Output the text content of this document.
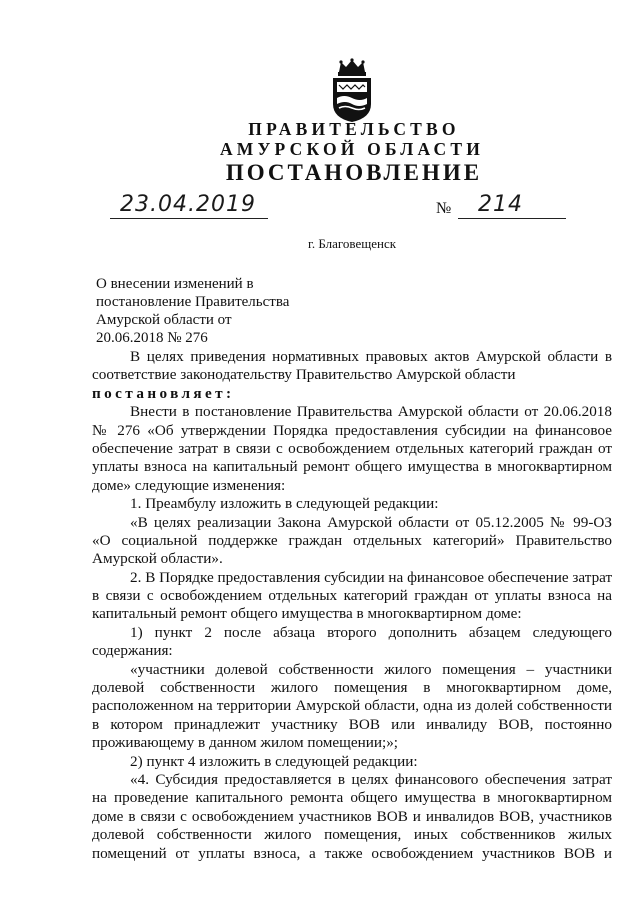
ПРАВИТЕЛЬСТВО
АМУРСКОЙ ОБЛАСТИ
ПОСТАНОВЛЕНИЕ
23.04.2019	№ 214
г. Благовещенск
О внесении изменений в
постановление Правительства
Амурской области от
20.06.2018 № 276
В целях приведения нормативных правовых актов Амурской области в
соответствие законодательству Правительство Амурской области
постановляет:
Внести в постановление Правительства Амурской области от 20.06.2018
№ 276 «Об утверждении Порядка предоставления субсидии на финансовое
обеспечение затрат в связи с освобождением отдельных категорий граждан от
уплаты взноса на капитальный ремонт общего имущества в многоквартирном
доме» следующие изменения:
1. Преамбулу изложить в следующей редакции:
«В целях реализации Закона Амурской области от 05.12.2005 № 99-ОЗ
«О социальной поддержке граждан отдельных категорий» Правительство
Амурской области».
2. В Порядке предоставления субсидии на финансовое обеспечение затрат
в связи с освобождением отдельных категорий граждан от уплаты взноса на
капитальный ремонт общего имущества в многоквартирном доме:
1) пункт 2 после абзаца второго дополнить абзацем следующего
содержания:
«участники долевой собственности жилого помещения – участники
долевой собственности жилого помещения в многоквартирном доме,
расположенном на территории Амурской области, одна из долей собственности
в котором принадлежит участнику ВОВ или инвалиду ВОВ, постоянно
проживающему в данном жилом помещении;»;
2) пункт 4 изложить в следующей редакции:
«4. Субсидия предоставляется в целях финансового обеспечения затрат
на проведение капитального ремонта общего имущества в многоквартирном
доме в связи с освобождением участников ВОВ и инвалидов ВОВ, участников
долевой собственности жилого помещения, иных собственников жилых
помещений от уплаты взноса, а также освобождением участников ВОВ и
